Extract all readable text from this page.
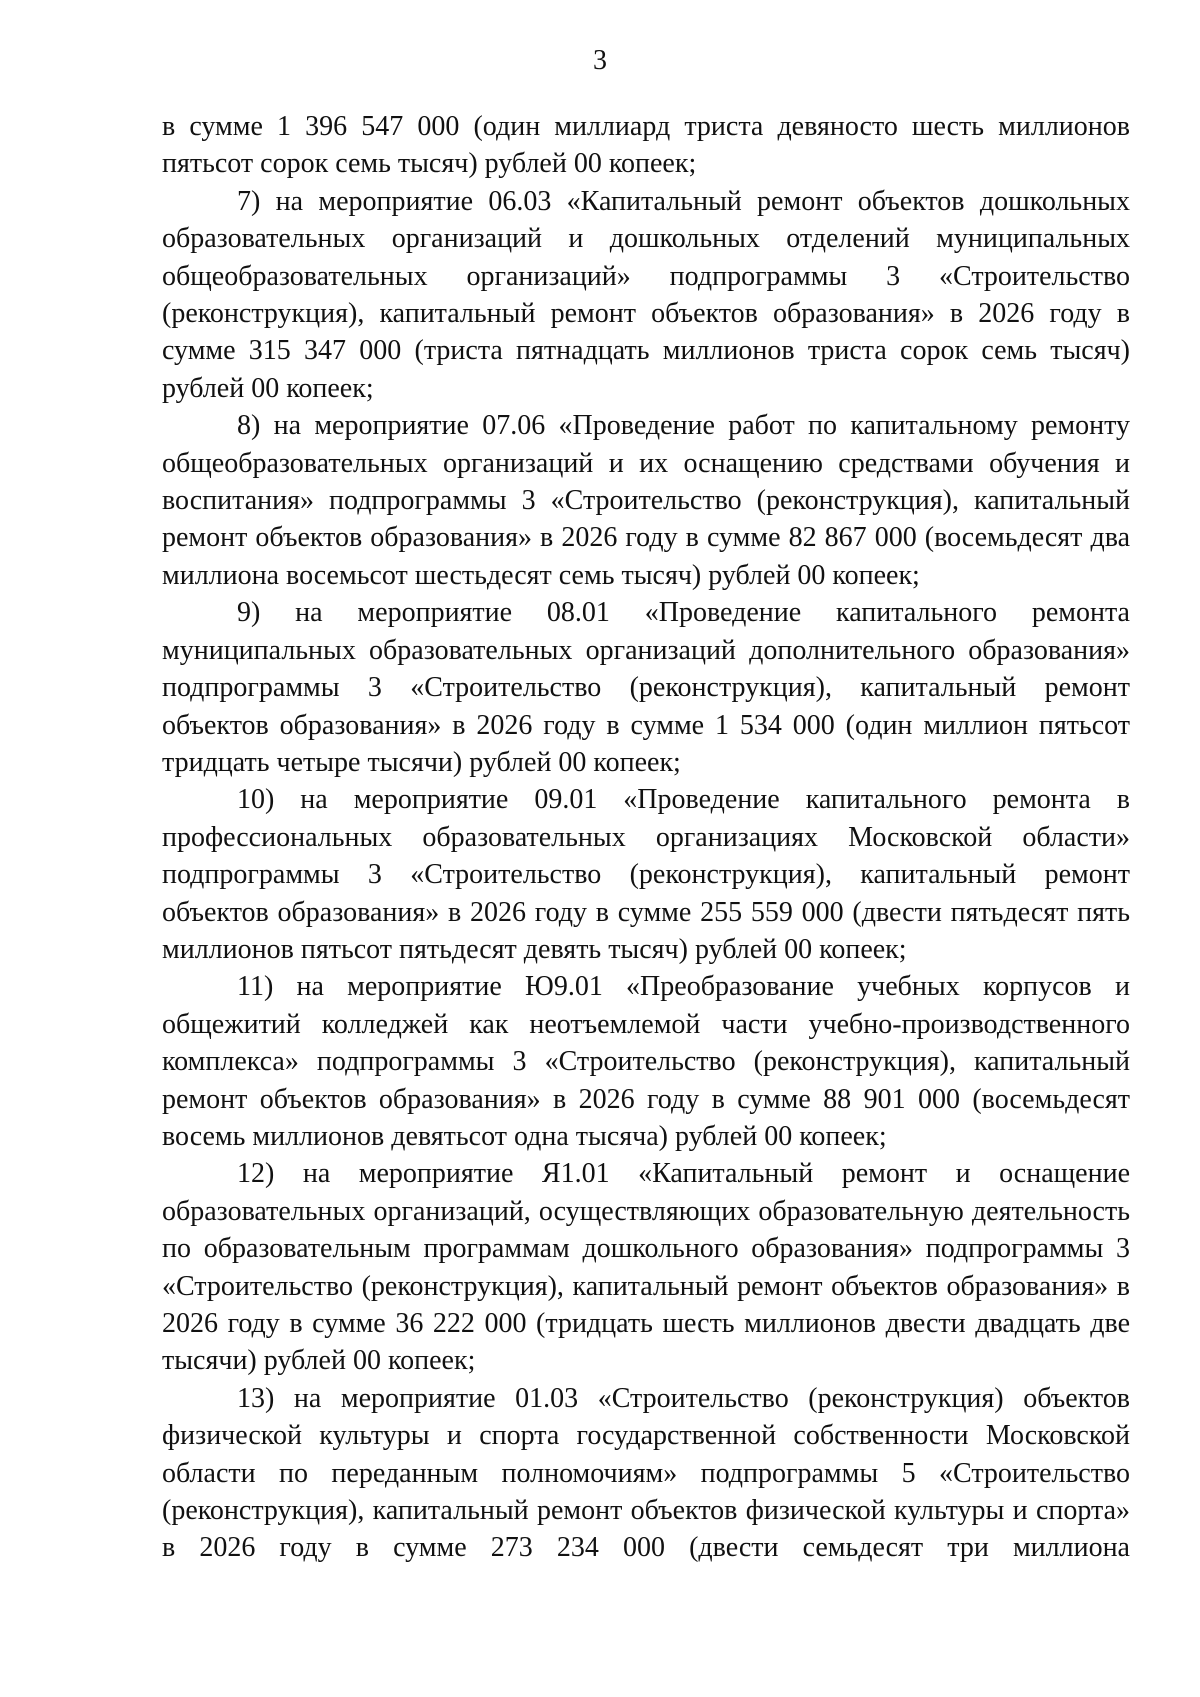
3

в сумме 1 396 547 000 (один миллиард триста девяносто шесть миллионов пятьсот сорок семь тысяч) рублей 00 копеек;

7) на мероприятие 06.03 «Капитальный ремонт объектов дошкольных образовательных организаций и дошкольных отделений муниципальных общеобразовательных организаций» подпрограммы 3 «Строительство (реконструкция), капитальный ремонт объектов образования» в 2026 году в сумме 315 347 000 (триста пятнадцать миллионов триста сорок семь тысяч) рублей 00 копеек;

8) на мероприятие 07.06 «Проведение работ по капитальному ремонту общеобразовательных организаций и их оснащению средствами обучения и воспитания» подпрограммы 3 «Строительство (реконструкция), капитальный ремонт объектов образования» в 2026 году в сумме 82 867 000 (восемьдесят два миллиона восемьсот шестьдесят семь тысяч) рублей 00 копеек;

9) на мероприятие 08.01 «Проведение капитального ремонта муниципальных образовательных организаций дополнительного образования» подпрограммы 3 «Строительство (реконструкция), капитальный ремонт объектов образования» в 2026 году в сумме 1 534 000 (один миллион пятьсот тридцать четыре тысячи) рублей 00 копеек;

10) на мероприятие 09.01 «Проведение капитального ремонта в профессиональных образовательных организациях Московской области» подпрограммы 3 «Строительство (реконструкция), капитальный ремонт объектов образования» в 2026 году в сумме 255 559 000 (двести пятьдесят пять миллионов пятьсот пятьдесят девять тысяч) рублей 00 копеек;

11) на мероприятие Ю9.01 «Преобразование учебных корпусов и общежитий колледжей как неотъемлемой части учебно-производственного комплекса» подпрограммы 3 «Строительство (реконструкция), капитальный ремонт объектов образования» в 2026 году в сумме 88 901 000 (восемьдесят восемь миллионов девятьсот одна тысяча) рублей 00 копеек;

12) на мероприятие Я1.01 «Капитальный ремонт и оснащение образовательных организаций, осуществляющих образовательную деятельность по образовательным программам дошкольного образования» подпрограммы 3 «Строительство (реконструкция), капитальный ремонт объектов образования» в 2026 году в сумме 36 222 000 (тридцать шесть миллионов двести двадцать две тысячи) рублей 00 копеек;

13) на мероприятие 01.03 «Строительство (реконструкция) объектов физической культуры и спорта государственной собственности Московской области по переданным полномочиям» подпрограммы 5 «Строительство (реконструкция), капитальный ремонт объектов физической культуры и спорта» в 2026 году в сумме 273 234 000 (двести семьдесят три миллиона
